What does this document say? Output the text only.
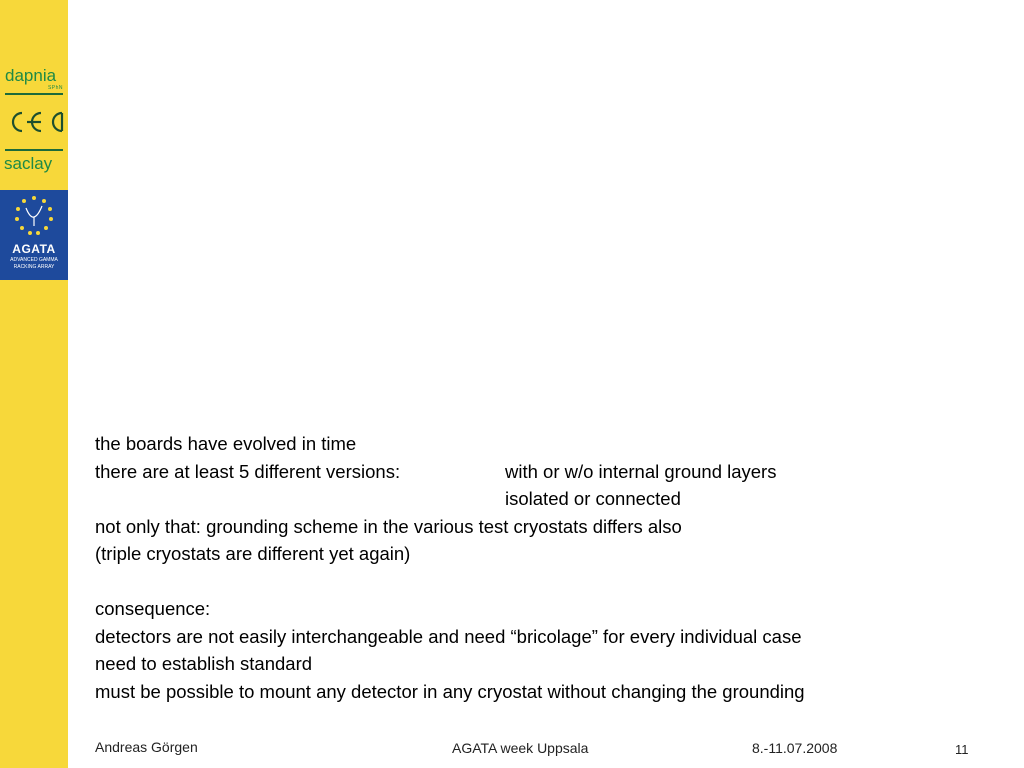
dapnia
SPhN
saclay
AGATA
ADVANCED GAMMA
RACKING ARRAY
the boards have evolved in time
there are at least 5 different versions:	with or w/o internal ground layers
isolated or connected
not only that: grounding scheme in the various test cryostats differs also
(triple cryostats are different yet again)
consequence:
detectors are not easily interchangeable and need “bricolage” for every individual case
need to establish standard
must be possible to mount any detector in any cryostat without changing the grounding
Andreas Görgen	AGATA week Uppsala	8.-11.07.2008	11
